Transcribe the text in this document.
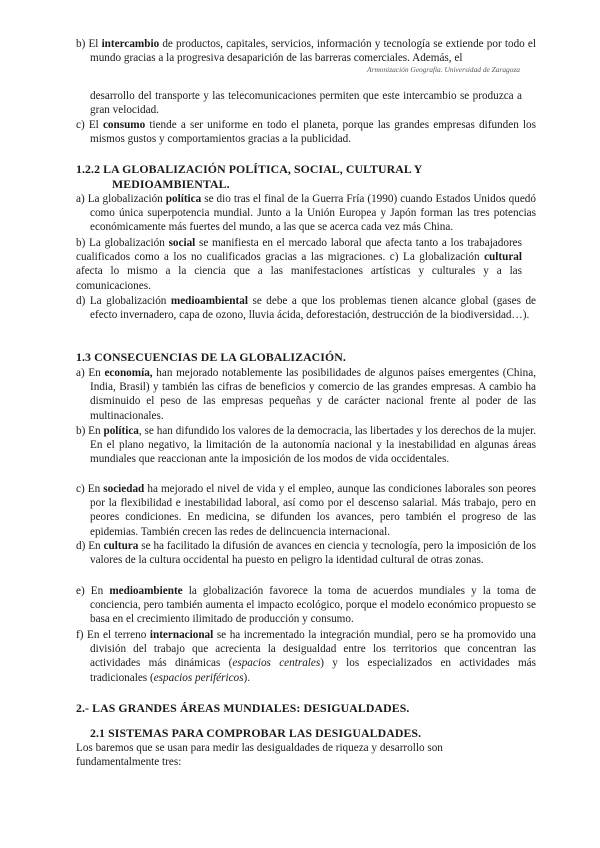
Armonización Geografía. Universidad de Zaragoza
b) El intercambio de productos, capitales, servicios, información y tecnología se extiende por todo el mundo gracias a la progresiva desaparición de las barreras comerciales. Además, el
desarrollo del transporte y las telecomunicaciones permiten que este intercambio se produzca a gran velocidad.
c) El consumo tiende a ser uniforme en todo el planeta, porque las grandes empresas difunden los mismos gustos y comportamientos gracias a la publicidad.
1.2.2 LA GLOBALIZACIÓN POLÍTICA, SOCIAL, CULTURAL Y
MEDIOAMBIENTAL.
a) La globalización política se dio tras el final de la Guerra Fría (1990) cuando Estados Unidos quedó como única superpotencia mundial. Junto a la Unión Europea y Japón forman las tres potencias económicamente más fuertes del mundo, a las que se acerca cada vez más China.
b) La globalización social se manifiesta en el mercado laboral que afecta tanto a los trabajadores cualificados como a los no cualificados gracias a las migraciones. c) La globalización cultural afecta lo mismo a la ciencia que a las manifestaciones artísticas y culturales y a las comunicaciones.
d) La globalización medioambiental se debe a que los problemas tienen alcance global (gases de efecto invernadero, capa de ozono, lluvia ácida, deforestación, destrucción de la biodiversidad…).
1.3 CONSECUENCIAS DE LA GLOBALIZACIÓN.
a) En economía, han mejorado notablemente las posibilidades de algunos países emergentes (China, India, Brasil) y también las cifras de beneficios y comercio de las grandes empresas. A cambio ha disminuido el peso de las empresas pequeñas y de carácter nacional frente al poder de las multinacionales.
b) En política, se han difundido los valores de la democracia, las libertades y los derechos de la mujer. En el plano negativo, la limitación de la autonomía nacional y la inestabilidad en algunas áreas mundiales que reaccionan ante la imposición de los modos de vida occidentales.
c) En sociedad ha mejorado el nivel de vida y el empleo, aunque las condiciones laborales son peores por la flexibilidad e inestabilidad laboral, así como por el descenso salarial. Más trabajo, pero en peores condiciones. En medicina, se difunden los avances, pero también el progreso de las epidemias. También crecen las redes de delincuencia internacional.
d) En cultura se ha facilitado la difusión de avances en ciencia y tecnología, pero la imposición de los valores de la cultura occidental ha puesto en peligro la identidad cultural de otras zonas.
e) En medioambiente la globalización favorece la toma de acuerdos mundiales y la toma de conciencia, pero también aumenta el impacto ecológico, porque el modelo económico propuesto se basa en el crecimiento ilimitado de producción y consumo.
f) En el terreno internacional se ha incrementado la integración mundial, pero se ha promovido una división del trabajo que acrecienta la desigualdad entre los territorios que concentran las actividades más dinámicas (espacios centrales) y los especializados en actividades más tradicionales (espacios periféricos).
2.- LAS GRANDES ÁREAS MUNDIALES: DESIGUALDADES.
2.1 SISTEMAS PARA COMPROBAR LAS DESIGUALDADES.
Los baremos que se usan para medir las desigualdades de riqueza y desarrollo son fundamentalmente tres:
